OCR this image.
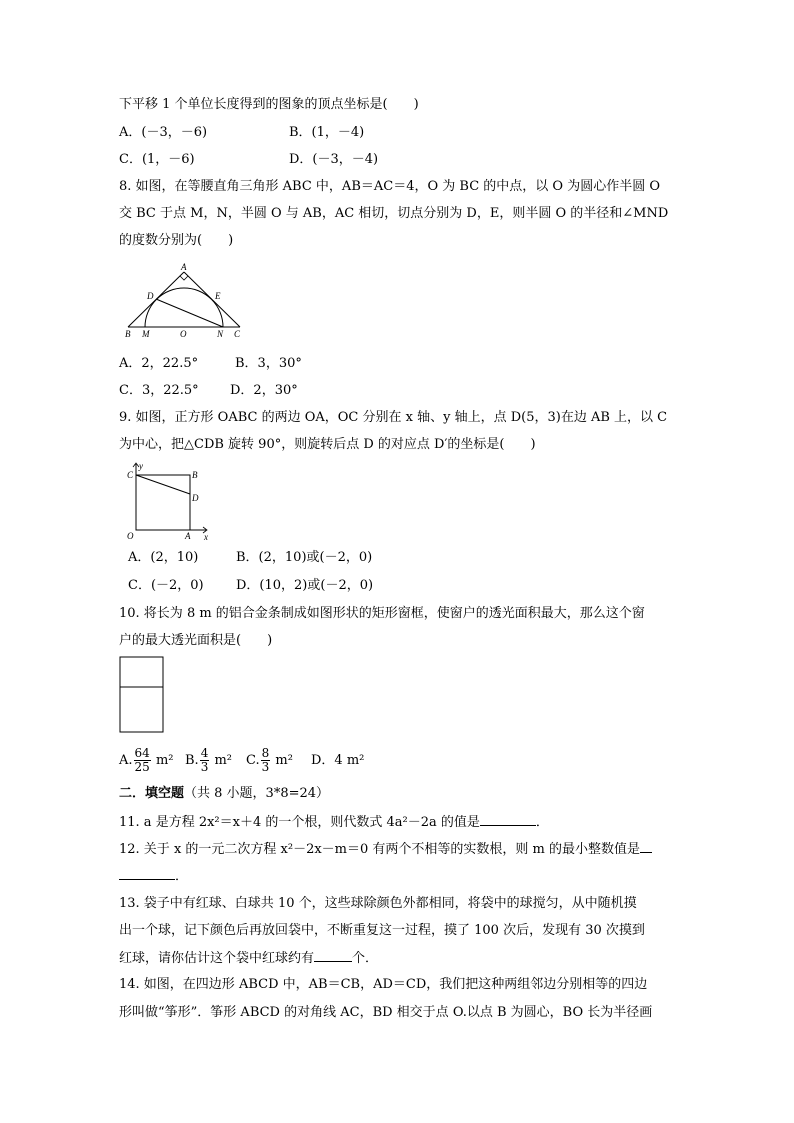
下平移 1 个单位长度得到的图象的顶点坐标是(　　)
A．(－3，－6)	B．(1，－4)
C．(1，－6)	D．(－3，－4)
8. 如图，在等腰直角三角形 ABC 中，AB＝AC＝4，O 为 BC 的中点，以 O 为圆心作半圆 O
交 BC 于点 M，N，半圆 O 与 AB，AC 相切，切点分别为 D，E，则半圆 O 的半径和∠MND
的度数分别为(　　)
A
D	E
B M	O	N C
A．2，22.5°	B．3，30°
C．3，22.5° D．2，30°
9. 如图，正方形 OABC 的两边 OA，OC 分别在 x 轴、y 轴上，点 D(5，3)在边 AB 上，以 C
为中心，把△CDB 旋转 90°，则旋转后点 D 的对应点 D′的坐标是(　　)
C
y
B
D
O	A x
A．(2，10)	B．(2，10)或(－2，0)
C．(－2，0) D．(10，2)或(－2，0)
10. 将长为 8 m 的铝合金条制成如图形状的矩形窗框，使窗户的透光面积最大，那么这个窗
户的最大透光面积是(　　)
A. $\frac{64}{25} m^2$ B. $\frac{4}{3} m^2$ C. $\frac{8}{3} m^2$ D．4 m²
二．填空题（共 8 小题，3*8=24）
11. a 是方程 2x²＝x＋4 的一个根，则代数式 4a²－2a 的值是	．
12. 关于 x 的一元二次方程 x²－2x－m＝0 有两个不相等的实数根，则 m 的最小整数值是
．
13. 袋子中有红球、白球共 10 个，这些球除颜色外都相同，将袋中的球搅匀，从中随机摸
出一个球，记下颜色后再放回袋中，不断重复这一过程，摸了 100 次后，发现有 30 次摸到
红球，请你估计这个袋中红球约有	个．
14. 如图，在四边形 ABCD 中，AB＝CB，AD＝CD，我们把这种两组邻边分别相等的四边
形叫做“筝形”．筝形 ABCD 的对角线 AC，BD 相交于点 O.以点 B 为圆心，BO 长为半径画
